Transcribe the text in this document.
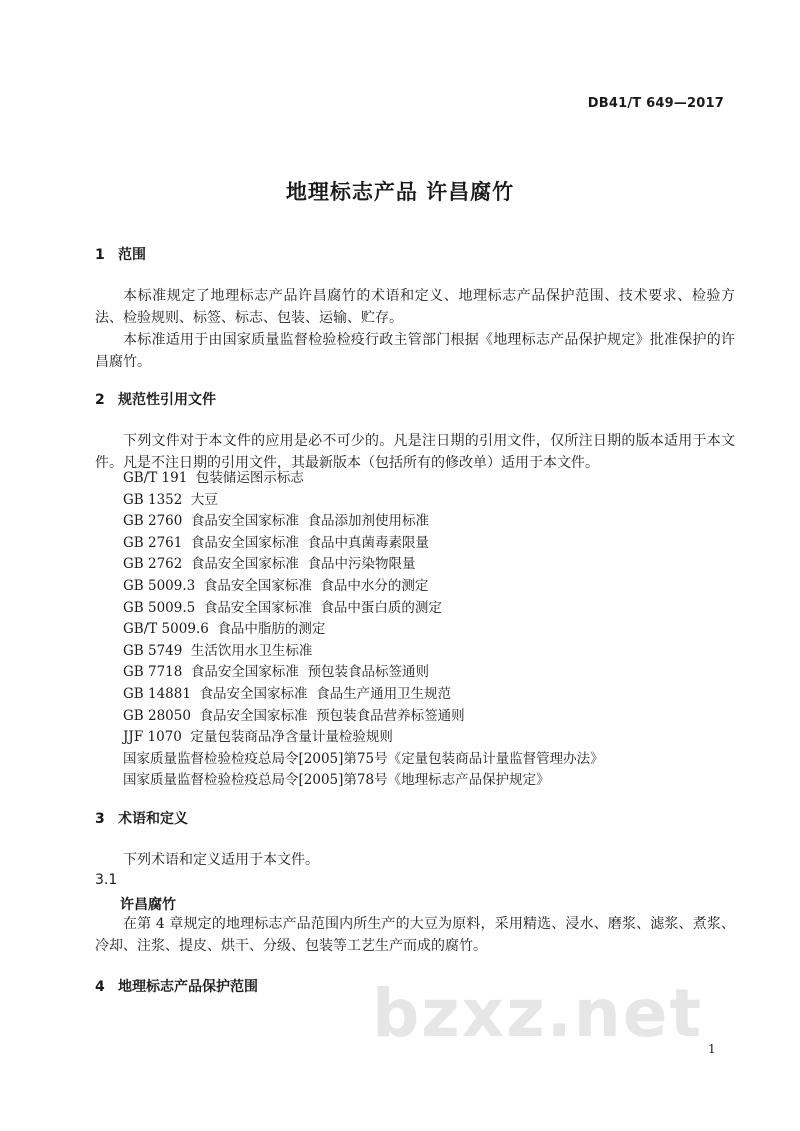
DB41/T 649—2017
地理标志产品 许昌腐竹
1 范围

本标准规定了地理标志产品许昌腐竹的术语和定义、地理标志产品保护范围、技术要求、检验方法、检验规则、标签、标志、包装、运输、贮存。

本标准适用于由国家质量监督检验检疫行政主管部门根据《地理标志产品保护规定》批准保护的许昌腐竹。

2 规范性引用文件

下列文件对于本文件的应用是必不可少的。凡是注日期的引用文件，仅所注日期的版本适用于本文件。凡是不注日期的引用文件，其最新版本（包括所有的修改单）适用于本文件。

GB/T 191  包装储运图示标志
GB 1352  大豆
GB 2760  食品安全国家标准  食品添加剂使用标准
GB 2761  食品安全国家标准  食品中真菌毒素限量
GB 2762  食品安全国家标准  食品中污染物限量
GB 5009.3  食品安全国家标准  食品中水分的测定
GB 5009.5  食品安全国家标准  食品中蛋白质的测定
GB/T 5009.6  食品中脂肪的测定
GB 5749  生活饮用水卫生标准
GB 7718  食品安全国家标准  预包装食品标签通则
GB 14881  食品安全国家标准  食品生产通用卫生规范
GB 28050  食品安全国家标准  预包装食品营养标签通则
JJF 1070  定量包装商品净含量计量检验规则
国家质量监督检验检疫总局令[2005]第75号《定量包装商品计量监督管理办法》
国家质量监督检验检疫总局令[2005]第78号《地理标志产品保护规定》
3 术语和定义

下列术语和定义适用于本文件。

3.1
许昌腐竹

在第 4 章规定的地理标志产品范围内所生产的大豆为原料，采用精选、浸水、磨浆、滤浆、煮浆、冷却、注浆、提皮、烘干、分级、包装等工艺生产而成的腐竹。

4 地理标志产品保护范围 bzxz.net 1
